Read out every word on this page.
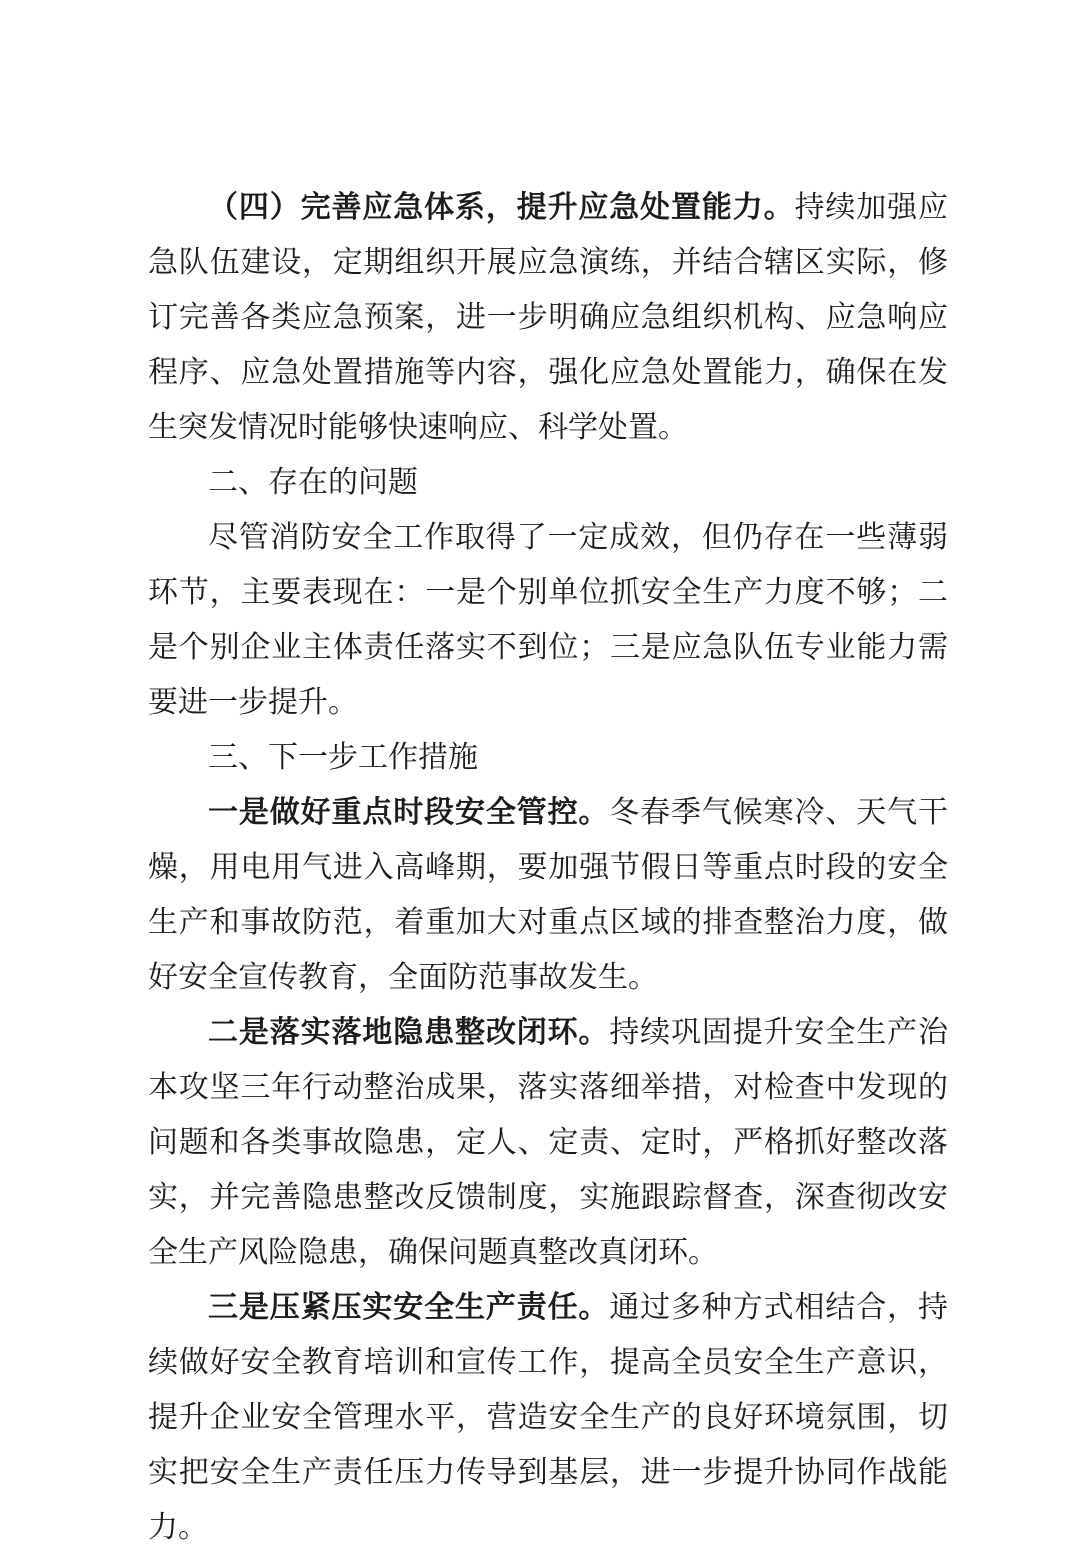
（四）完善应急体系，提升应急处置能力。持续加强应急队伍建设，定期组织开展应急演练，并结合辖区实际，修订完善各类应急预案，进一步明确应急组织机构、应急响应程序、应急处置措施等内容，强化应急处置能力，确保在发生突发情况时能够快速响应、科学处置。

二、存在的问题

尽管消防安全工作取得了一定成效，但仍存在一些薄弱环节，主要表现在：一是个别单位抓安全生产力度不够；二是个别企业主体责任落实不到位；三是应急队伍专业能力需要进一步提升。

三、下一步工作措施

一是做好重点时段安全管控。冬春季气候寒冷、天气干燥，用电用气进入高峰期，要加强节假日等重点时段的安全生产和事故防范，着重加大对重点区域的排查整治力度，做好安全宣传教育，全面防范事故发生。

二是落实落地隐患整改闭环。持续巩固提升安全生产治本攻坚三年行动整治成果，落实落细举措，对检查中发现的问题和各类事故隐患，定人、定责、定时，严格抓好整改落实，并完善隐患整改反馈制度，实施跟踪督查，深查彻改安全生产风险隐患，确保问题真整改真闭环。

三是压紧压实安全生产责任。通过多种方式相结合，持续做好安全教育培训和宣传工作，提高全员安全生产意识，提升企业安全管理水平，营造安全生产的良好环境氛围，切实把安全生产责任压力传导到基层，进一步提升协同作战能力。
